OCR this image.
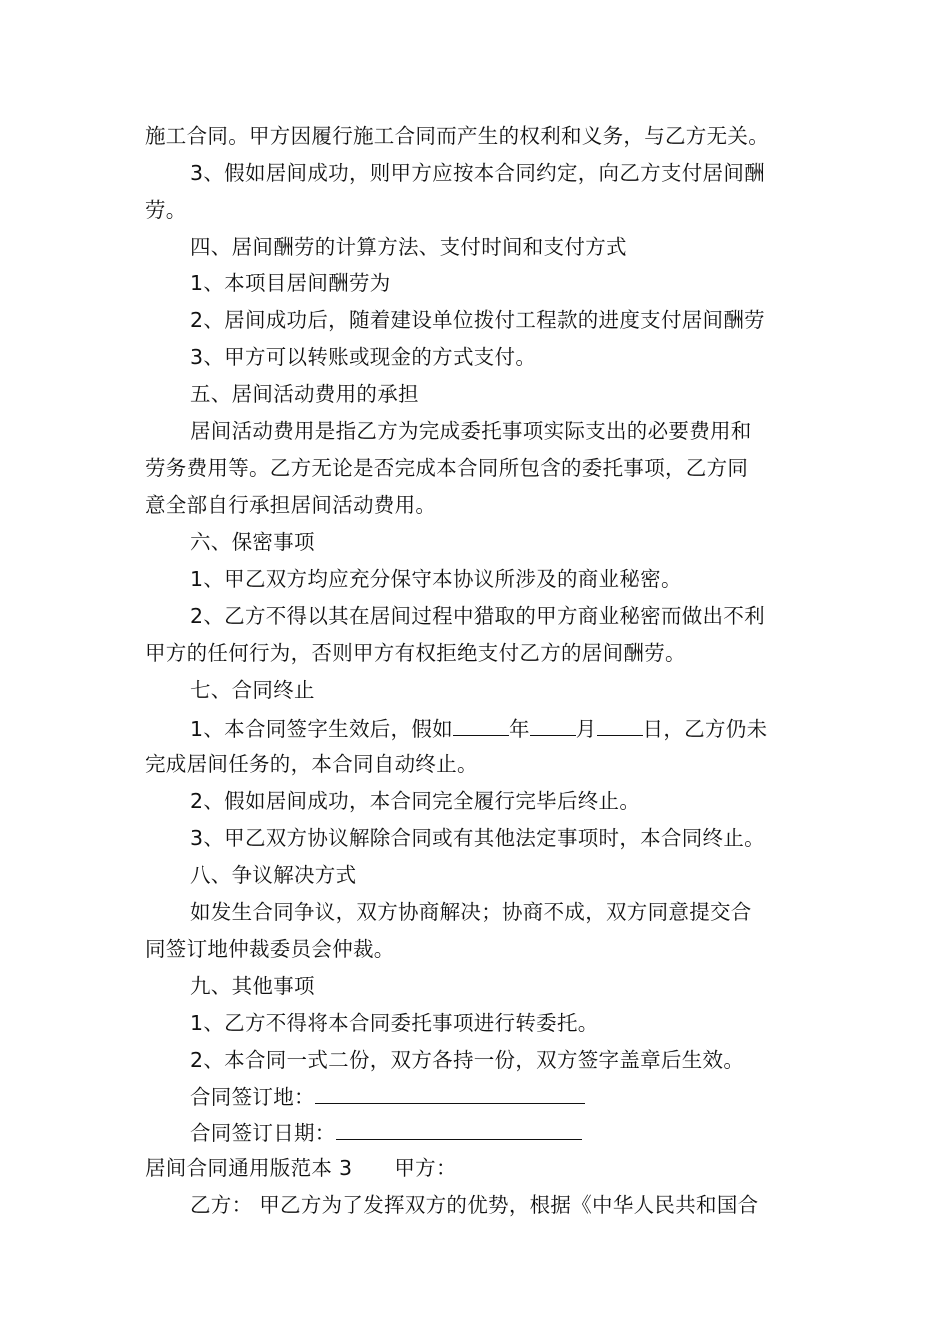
施工合同。甲方因履行施工合同而产生的权利和义务，与乙方无关。
3、假如居间成功，则甲方应按本合同约定，向乙方支付居间酬
劳。
四、居间酬劳的计算方法、支付时间和支付方式
1、本项目居间酬劳为
2、居间成功后，随着建设单位拨付工程款的进度支付居间酬劳
3、甲方可以转账或现金的方式支付。
五、居间活动费用的承担
居间活动费用是指乙方为完成委托事项实际支出的必要费用和
劳务费用等。乙方无论是否完成本合同所包含的委托事项，乙方同
意全部自行承担居间活动费用。
六、保密事项
1、甲乙双方均应充分保守本协议所涉及的商业秘密。
2、乙方不得以其在居间过程中猎取的甲方商业秘密而做出不利
甲方的任何行为，否则甲方有权拒绝支付乙方的居间酬劳。
七、合同终止
1、本合同签字生效后，假如	年 月 日，乙方仍未
完成居间任务的，本合同自动终止。
2、假如居间成功，本合同完全履行完毕后终止。
3、甲乙双方协议解除合同或有其他法定事项时，本合同终止。
八、争议解决方式
如发生合同争议，双方协商解决；协商不成，双方同意提交合
同签订地仲裁委员会仲裁。
九、其他事项
1、乙方不得将本合同委托事项进行转委托。
2、本合同一式二份，双方各持一份，双方签字盖章后生效。
合同签订地：
合同签订日期：
居间合同通用版范本 3 甲方：
乙方： 甲乙方为了发挥双方的优势，根据《中华人民共和国合
